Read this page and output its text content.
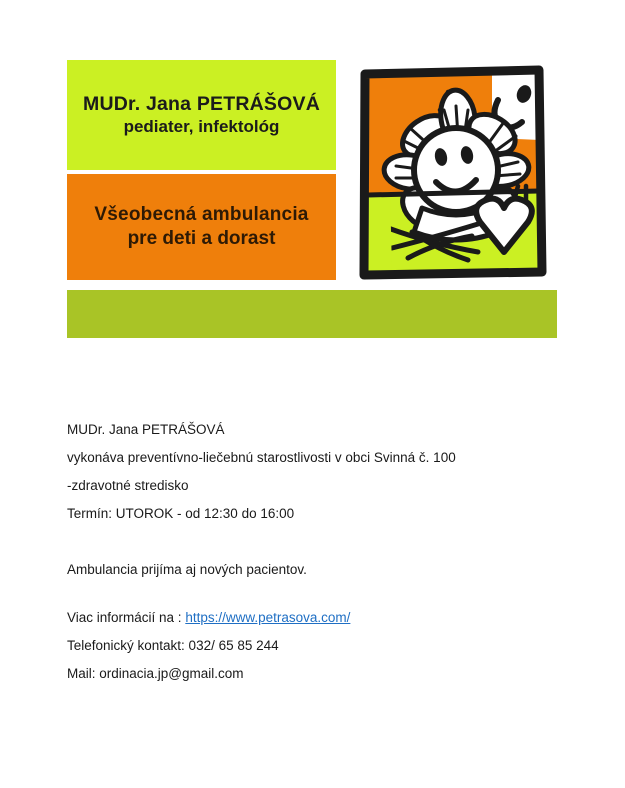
MUDr. Jana PETRÁŠOVÁ
pediater, infektológ
Všeobecná ambulancia
pre deti a dorast
MUDr. Jana PETRÁŠOVÁ
vykonáva preventívno-liečebnú starostlivosti v obci Svinná č. 100
-zdravotné stredisko
Termín: UTOROK - od 12:30 do 16:00
Ambulancia prijíma aj nových pacientov.
Viac informácií na : https://www.petrasova.com/
Telefonický kontakt: 032/ 65 85 244
Mail: ordinacia.jp@gmail.com
